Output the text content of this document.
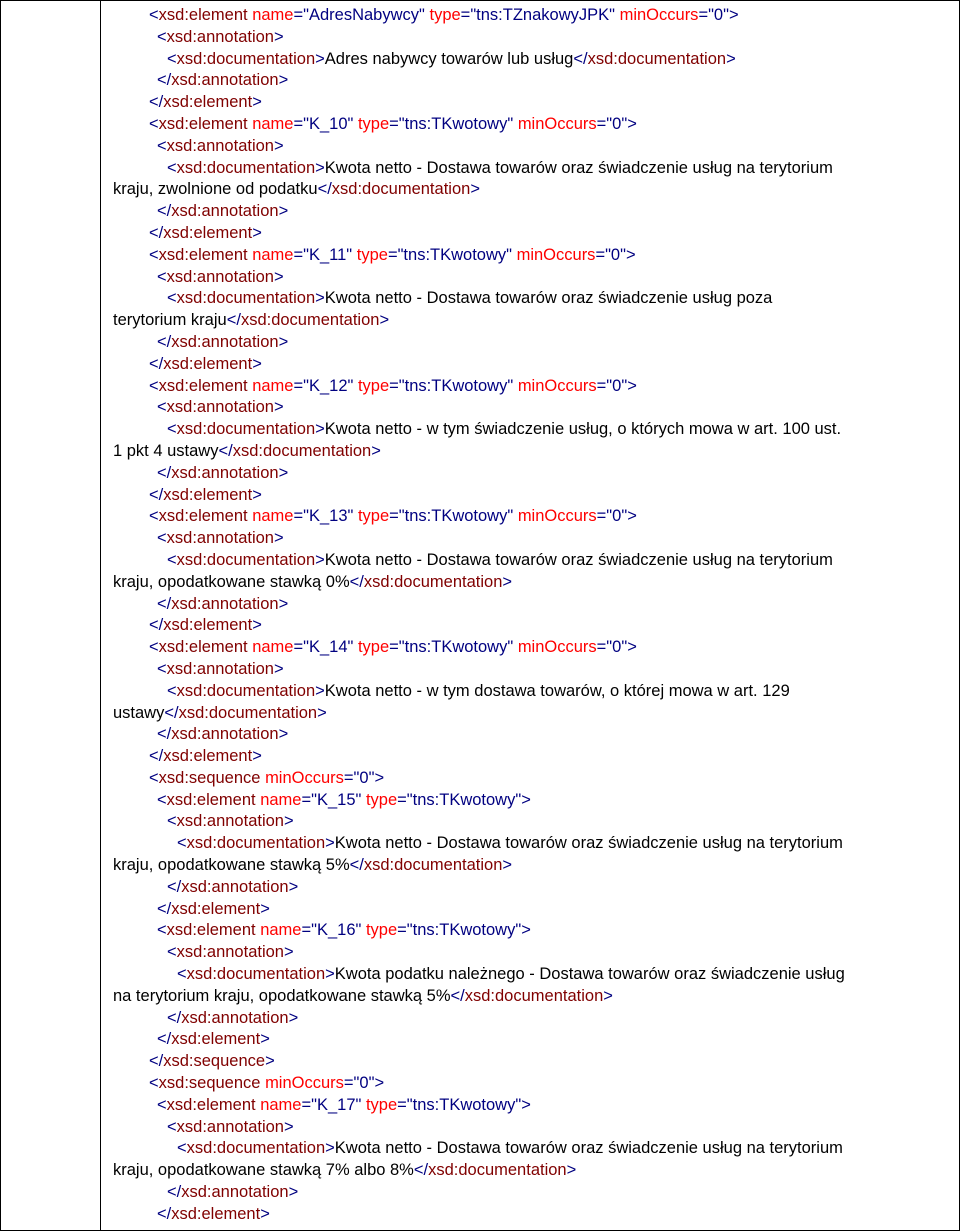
<xsd:element name="AdresNabywcy" type="tns:TZnakowyJPK" minOccurs="0">
<xsd:annotation>
<xsd:documentation>Adres nabywcy towarów lub usług</xsd:documentation>
</xsd:annotation>
</xsd:element>
<xsd:element name="K_10" type="tns:TKwotowy" minOccurs="0">
<xsd:annotation>
<xsd:documentation>Kwota netto - Dostawa towarów oraz świadczenie usług na terytorium
kraju, zwolnione od podatku</xsd:documentation>
</xsd:annotation>
</xsd:element>
<xsd:element name="K_11" type="tns:TKwotowy" minOccurs="0">
<xsd:annotation>
<xsd:documentation>Kwota netto - Dostawa towarów oraz świadczenie usług poza
terytorium kraju</xsd:documentation>
</xsd:annotation>
</xsd:element>
<xsd:element name="K_12" type="tns:TKwotowy" minOccurs="0">
<xsd:annotation>
<xsd:documentation>Kwota netto - w tym świadczenie usług, o których mowa w art. 100 ust.
1 pkt 4 ustawy</xsd:documentation>
</xsd:annotation>
</xsd:element>
<xsd:element name="K_13" type="tns:TKwotowy" minOccurs="0">
<xsd:annotation>
<xsd:documentation>Kwota netto - Dostawa towarów oraz świadczenie usług na terytorium
kraju, opodatkowane stawką 0%</xsd:documentation>
</xsd:annotation>
</xsd:element>
<xsd:element name="K_14" type="tns:TKwotowy" minOccurs="0">
<xsd:annotation>
<xsd:documentation>Kwota netto - w tym dostawa towarów, o której mowa w art. 129
ustawy</xsd:documentation>
</xsd:annotation>
</xsd:element>
<xsd:sequence minOccurs="0">
<xsd:element name="K_15" type="tns:TKwotowy">
<xsd:annotation>
<xsd:documentation>Kwota netto - Dostawa towarów oraz świadczenie usług na terytorium
kraju, opodatkowane stawką 5%</xsd:documentation>
</xsd:annotation>
</xsd:element>
<xsd:element name="K_16" type="tns:TKwotowy">
<xsd:annotation>
<xsd:documentation>Kwota podatku należnego - Dostawa towarów oraz świadczenie usług
na terytorium kraju, opodatkowane stawką 5%</xsd:documentation>
</xsd:annotation>
</xsd:element>
</xsd:sequence>
<xsd:sequence minOccurs="0">
<xsd:element name="K_17" type="tns:TKwotowy">
<xsd:annotation>
<xsd:documentation>Kwota netto - Dostawa towarów oraz świadczenie usług na terytorium
kraju, opodatkowane stawką 7% albo 8%</xsd:documentation>
</xsd:annotation>
</xsd:element>
